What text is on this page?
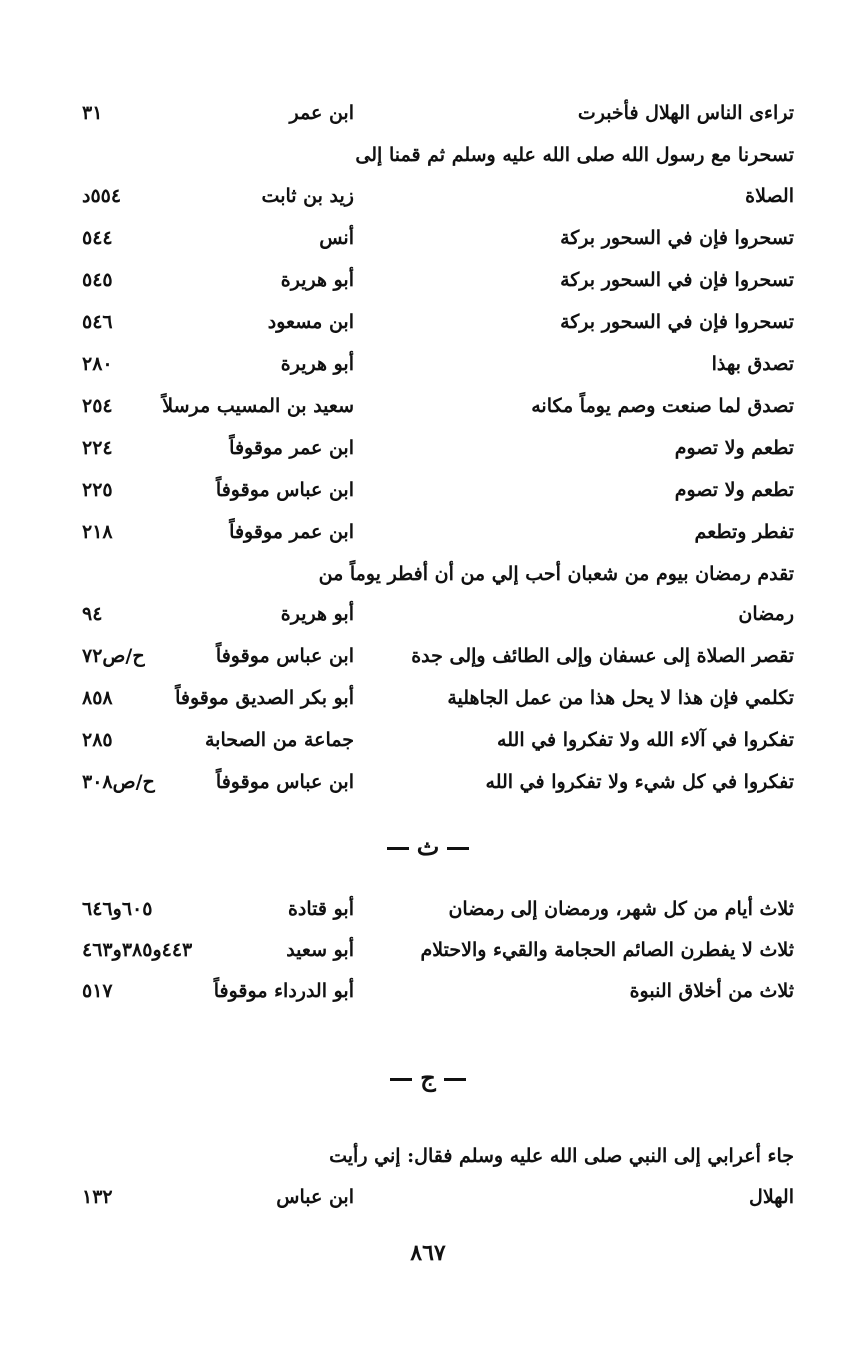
تراءى الناس الهلال فأخبرت
ابن عمر
٣١
تسحرنا مع رسول الله صلى الله عليه وسلم ثم قمنا إلى
الصلاة
زيد بن ثابت
٥٥٤د
تسحروا فإن في السحور بركة
أنس
٥٤٤
تسحروا فإن في السحور بركة
أبو هريرة
٥٤٥
تسحروا فإن في السحور بركة
ابن مسعود
٥٤٦
تصدق بهذا
أبو هريرة
٢٨٠
تصدق لما صنعت وصم يوماً مكانه
سعيد بن المسيب مرسلاً
٢٥٤
تطعم ولا تصوم
ابن عمر موقوفاً
٢٢٤
تطعم ولا تصوم
ابن عباس موقوفاً
٢٢٥
تفطر وتطعم
ابن عمر موقوفاً
٢١٨
تقدم رمضان بيوم من شعبان أحب إلي من أن أفطر يوماً من
رمضان
أبو هريرة
٩٤
تقصر الصلاة إلى عسفان وإلى الطائف وإلى جدة
ابن عباس موقوفاً
ح/ص٧٢
تكلمي فإن هذا لا يحل هذا من عمل الجاهلية
أبو بكر الصديق موقوفاً
٨٥٨
تفكروا في آلاء الله ولا تفكروا في الله
جماعة من الصحابة
٢٨٥
تفكروا في كل شيء ولا تفكروا في الله
ابن عباس موقوفاً
ح/ص٣٠٨
ث
ثلاث أيام من كل شهر، ورمضان إلى رمضان
أبو قتادة
٦٠٥و٦٤٦
ثلاث لا يفطرن الصائم الحجامة والقيء والاحتلام
أبو سعيد
٤٤٣و٣٨٥و٤٦٣
ثلاث من أخلاق النبوة
أبو الدرداء موقوفاً
٥١٧
ج
جاء أعرابي إلى النبي صلى الله عليه وسلم فقال: إني رأيت
الهلال
ابن عباس
١٣٢
٨٦٧
